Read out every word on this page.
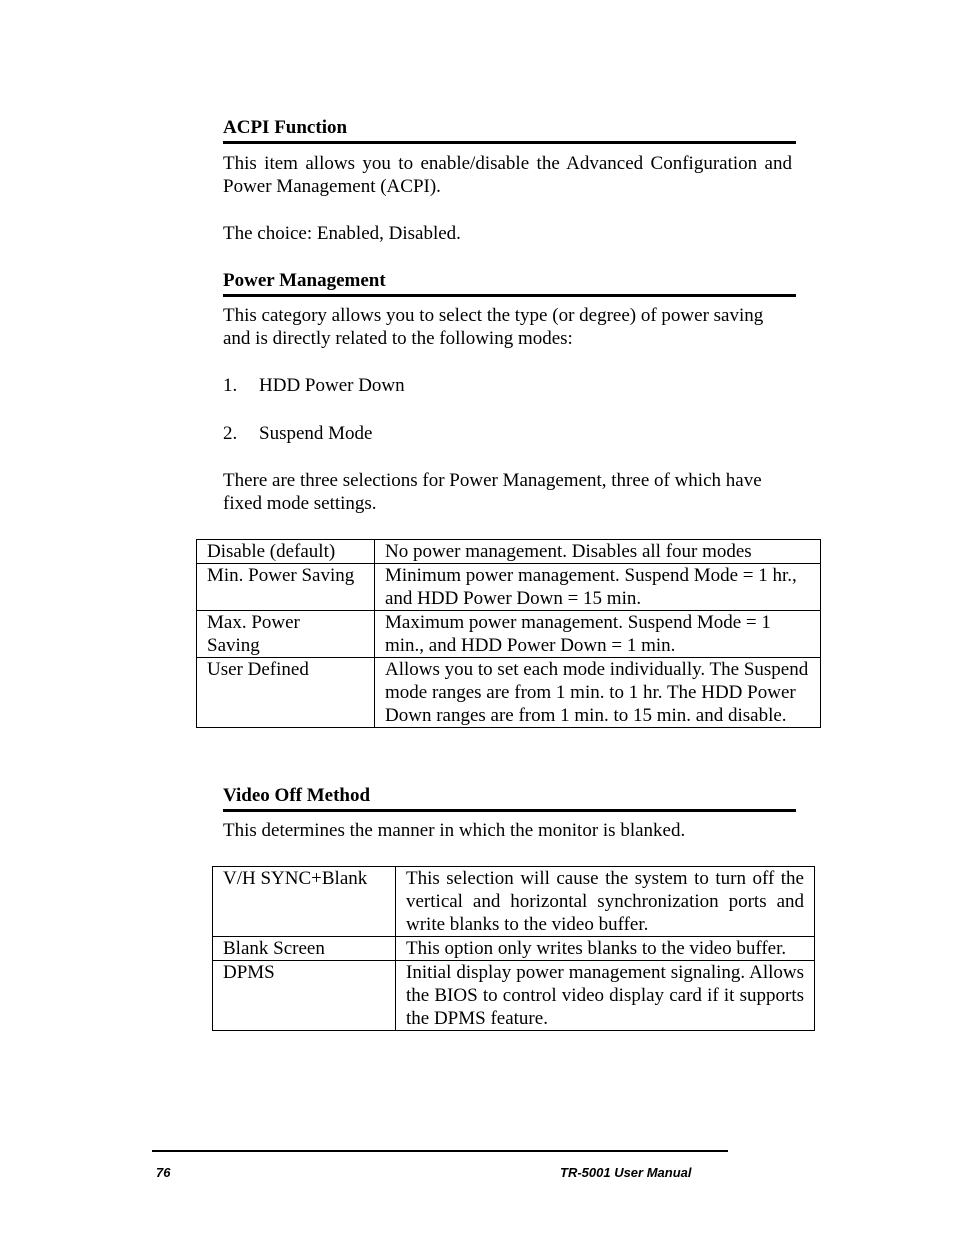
ACPI Function

This item allows you to enable/disable the Advanced Configuration and Power Management (ACPI).

The choice: Enabled, Disabled.

Power Management

This category allows you to select the type (or degree) of power saving and is directly related to the following modes:

1. HDD Power Down
2. Suspend Mode

There are three selections for Power Management, three of which have fixed mode settings.

Disable (default)	No power management. Disables all four modes
Min. Power Saving	Minimum power management. Suspend Mode = 1 hr., and HDD Power Down = 15 min.
Max. Power Saving	Maximum power management. Suspend Mode = 1 min., and HDD Power Down = 1 min.
User Defined	Allows you to set each mode individually. The Suspend mode ranges are from 1 min. to 1 hr. The HDD Power Down ranges are from 1 min. to 15 min. and disable.
Video Off Method

This determines the manner in which the monitor is blanked.

V/H SYNC+Blank	This selection will cause the system to turn off the vertical and horizontal synchronization ports and write blanks to the video buffer.
Blank Screen	This option only writes blanks to the video buffer.
DPMS	Initial display power management signaling. Allows the BIOS to control video display card if it supports the DPMS feature.
76	TR-5001 User Manual
